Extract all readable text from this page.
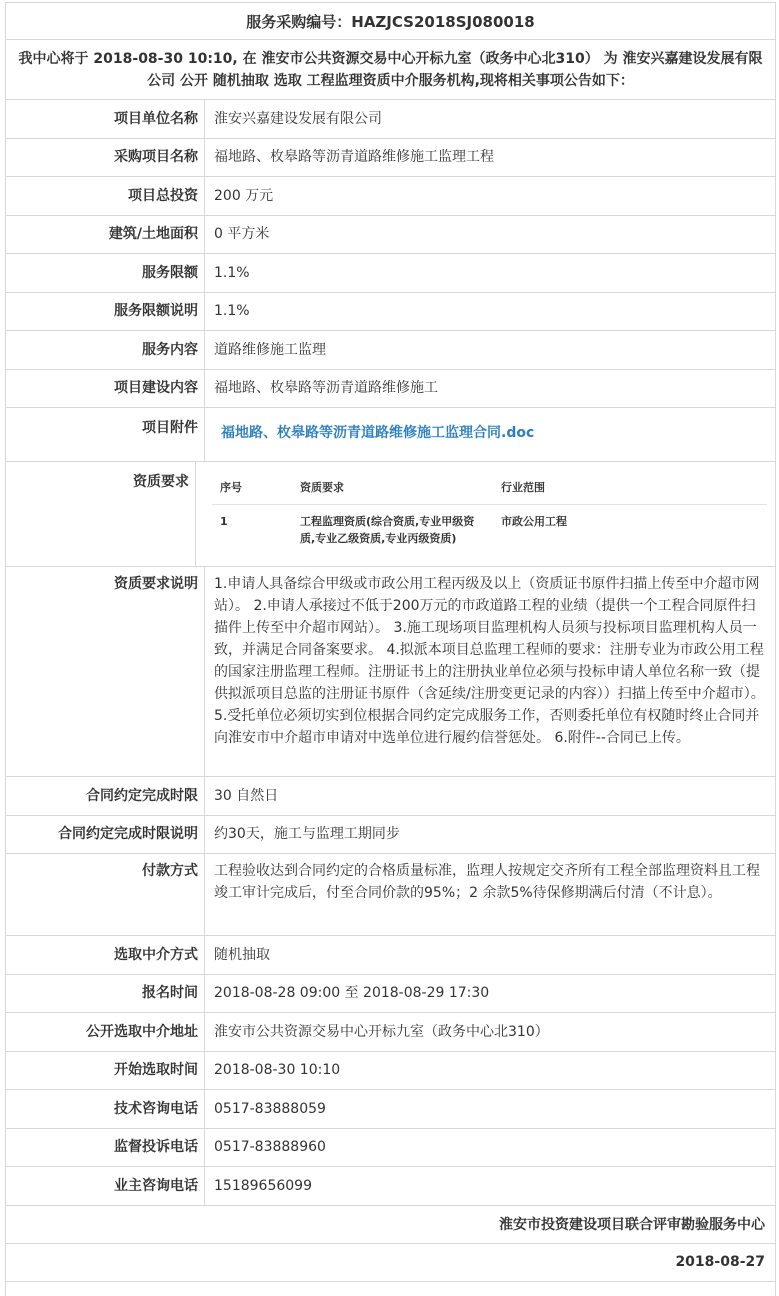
服务采购编号：HAZJCS2018SJ080018
我中心将于 2018-08-30 10:10, 在 淮安市公共资源交易中心开标九室（政务中心北310） 为 淮安兴嘉建设发展有限公司 公开 随机抽取 选取 工程监理资质中介服务机构,现将相关事项公告如下：
项目单位名称	淮安兴嘉建设发展有限公司
采购项目名称	福地路、枚皋路等沥青道路维修施工监理工程
项目总投资	200 万元
建筑/土地面积	0 平方米
服务限额	1.1%
服务限额说明	1.1%
服务内容	道路维修施工监理
项目建设内容	福地路、枚皋路等沥青道路维修施工
项目附件	福地路、枚皋路等沥青道路维修施工监理合同.doc
资质要求	序号	资质要求	行业范围
1	工程监理资质(综合资质,专业甲级资质,专业乙级资质,专业丙级资质)	市政公用工程
资质要求说明	1.申请人具备综合甲级或市政公用工程丙级及以上（资质证书原件扫描上传至中介超市网站）。 2.申请人承接过不低于200万元的市政道路工程的业绩（提供一个工程合同原件扫描件上传至中介超市网站）。 3.施工现场项目监理机构人员须与投标项目监理机构人员一致，并满足合同备案要求。 4.拟派本项目总监理工程师的要求：注册专业为市政公用工程的国家注册监理工程师。注册证书上的注册执业单位必须与投标申请人单位名称一致（提供拟派项目总监的注册证书原件（含延续/注册变更记录的内容））扫描上传至中介超市）。 5.受托单位必须切实到位根据合同约定完成服务工作，否则委托单位有权随时终止合同并向淮安市中介超市申请对中选单位进行履约信誉惩处。 6.附件--合同已上传。
合同约定完成时限	30 自然日
合同约定完成时限说明	约30天，施工与监理工期同步
付款方式	工程验收达到合同约定的合格质量标准，监理人按规定交齐所有工程全部监理资料且工程竣工审计完成后，付至合同价款的95%；2 余款5%待保修期满后付清（不计息）。
选取中介方式	随机抽取
报名时间	2018-08-28 09:00 至 2018-08-29 17:30
公开选取中介地址	淮安市公共资源交易中心开标九室（政务中心北310）
开始选取时间	2018-08-30 10:10
技术咨询电话	0517-83888059
监督投诉电话	0517-83888960
业主咨询电话	15189656099
淮安市投资建设项目联合评审勘验服务中心
2018-08-27
